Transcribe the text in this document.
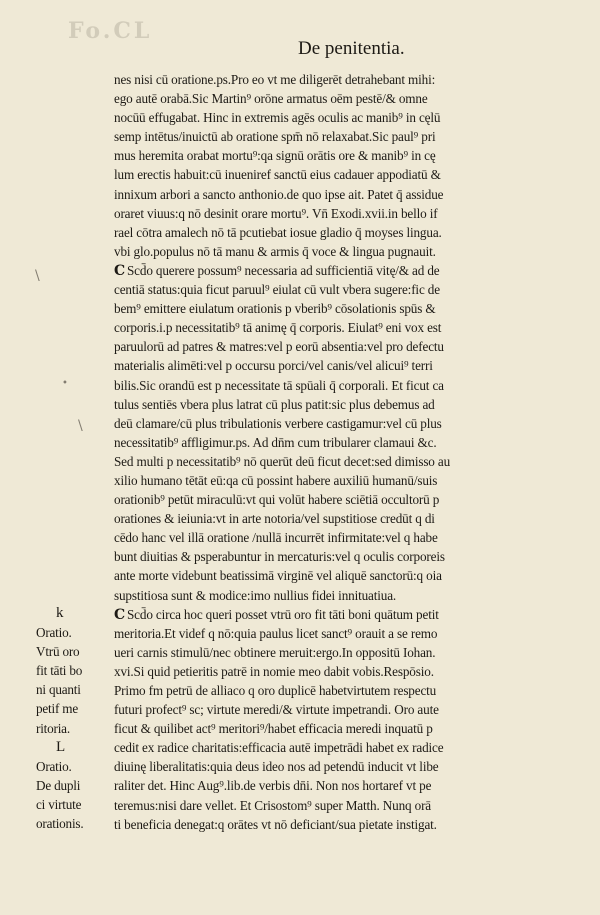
Fo.CL
De penitentia.
\
•
\
nes nisi cū oratione.ps.Pro eo vt me diligerēt detrahebant mihi:
ego autē orabā.Sic Martin⁹ orōne armatus oēm pestē/& omne
nocūū effugabat. Hinc in extremis agēs oculis ac manib⁹ in cęlū
semp intētus/inuictū ab oratione spm̄ nō relaxabat.Sic paul⁹ pri
mus heremita orabat mortu⁹:qa signū orātis ore & manib⁹ in cę
lum erectis habuit:cū inueniref sanctū eius cadauer appodiatū &
innixum arbori a sancto anthonio.de quo ipse ait. Patet q̄ assidue
oraret viuus:q nō desinit orare mortu⁹. Vn̄ Exodi.xvii.in bello if
rael cōtra amalech nō tā pcutiebat iosue gladio q̄ moyses lingua.
vbi glo.populus nō tā manu & armis q̄ voce & lingua pugnauit.
C Scd̄o querere possum⁹ necessaria ad sufficientiā vitę/& ad de
centiā status:quia ficut paruul⁹ eiulat cū vult vbera sugere:fic de
bem⁹ emittere eiulatum orationis p vberib⁹ cōsolationis spūs &
corporis.i.p necessitatib⁹ tā animę q̄ corporis. Eiulat⁹ eni vox est
paruulorū ad patres & matres:vel p eorū absentia:vel pro defectu
materialis alimēti:vel p occursu porci/vel canis/vel alicui⁹ terri
bilis.Sic orandū est p necessitate tā spūali q̄ corporali. Et ficut ca
tulus sentiēs vbera plus latrat cū plus patit:sic plus debemus ad
deū clamare/cū plus tribulationis verbere castigamur:vel cū plus
necessitatib⁹ affligimur.ps. Ad dn̄m cum tribularer clamaui &c.
Sed multi p necessitatib⁹ nō querūt deū ficut decet:sed dimisso au
xilio humano tētāt eū:qa cū possint habere auxiliū humanū/suis
orationib⁹ petūt miraculū:vt qui volūt habere sciētiā occultorū p
orationes & ieiunia:vt in arte notoria/vel supstitiose credūt q di
cēdo hanc vel illā oratione /nullā incurrēt infirmitate:vel q habe
bunt diuitias & psperabuntur in mercaturis:vel q oculis corporeis
ante morte videbunt beatissimā virginē vel aliquē sanctorū:q oia
supstitiosa sunt & modice:imo nullius fidei innituatiua.
C Scd̄o circa hoc queri posset vtrū oro fit tāti boni quātum petit
meritoria.Et videf q nō:quia paulus licet sanct⁹ orauit a se remo
ueri carnis stimulū/nec obtinere meruit:ergo.In oppositū Iohan.
xvi.Si quid petieritis patrē in nomie meo dabit vobis.Respōsio.
Primo fm petrū de alliaco q oro duplicē habetvirtutem respectu
futuri profect⁹ sc; virtute meredi/& virtute impetrandi. Oro aute
ficut & quilibet act⁹ meritori⁹/habet efficacia meredi inquatū p
cedit ex radice charitatis:efficacia autē impetrādi habet ex radice
diuinę liberalitatis:quia deus ideo nos ad petendū inducit vt libe
raliter det. Hinc Aug⁹.lib.de verbis dn̄i. Non nos hortaref vt pe
teremus:nisi dare vellet. Et Crisostom⁹ super Matth. Nunq orā
ti beneficia denegat:q orātes vt nō deficiant/sua pietate instigat.
k
Oratio.
Vtrū oro
fit tāti bo
ni quanti
petif me
ritoria.
L
Oratio.
De dupli
ci virtute
orationis.
